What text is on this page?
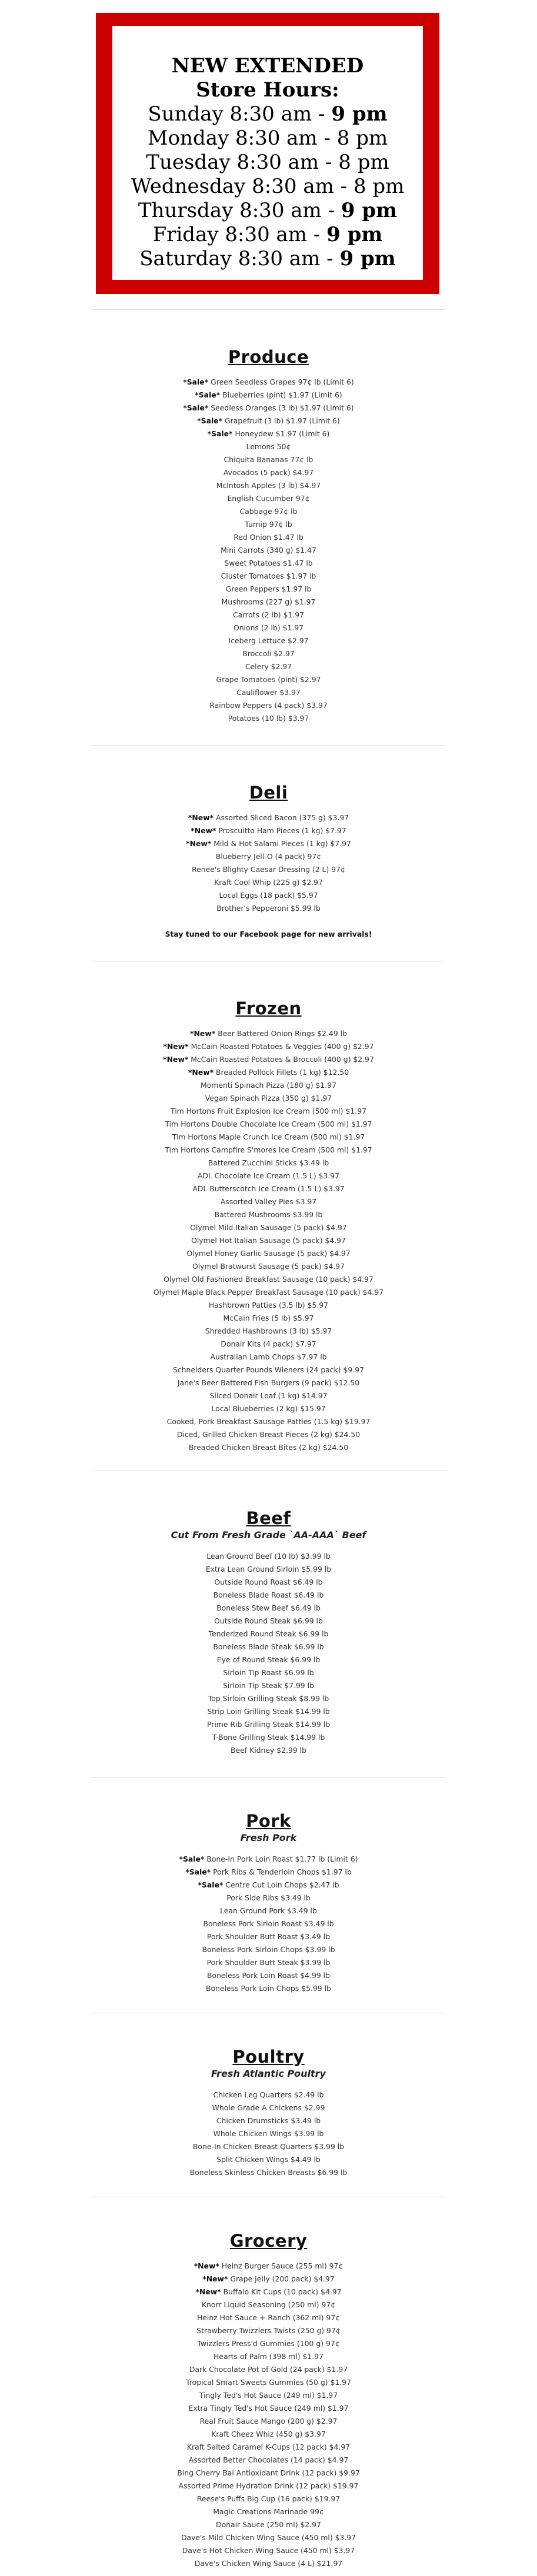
NEW EXTENDED
Store Hours:
Sunday 8:30 am - 9 pm
Monday 8:30 am - 8 pm
Tuesday 8:30 am - 8 pm
Wednesday 8:30 am - 8 pm
Thursday 8:30 am - 9 pm
Friday 8:30 am - 9 pm
Saturday 8:30 am - 9 pm
Produce
*Sale* Green Seedless Grapes 97¢ lb (Limit 6)
*Sale* Blueberries (pint) $1.97 (Limit 6)
*Sale* Seedless Oranges (3 lb) $1.97 (Limit 6)
*Sale* Grapefruit (3 lb) $1.97 (Limit 6)
*Sale* Honeydew $1.97 (Limit 6)
Lemons 50¢
Chiquita Bananas 77¢ lb
Avocados (5 pack) $4.97
McIntosh Apples (3 lb) $4.97
English Cucumber 97¢
Cabbage 97¢ lb
Turnip 97¢ lb
Red Onion $1.47 lb
Mini Carrots (340 g) $1.47
Sweet Potatoes $1.47 lb
Cluster Tomatoes $1.97 lb
Green Peppers $1.97 lb
Mushrooms (227 g) $1.97
Carrots (2 lb) $1.97
Onions (2 lb) $1.97
Iceberg Lettuce $2.97
Broccoli $2.97
Celery $2.97
Grape Tomatoes (pint) $2.97
Cauliflower $3.97
Rainbow Peppers (4 pack) $3.97
Potatoes (10 lb) $3.97
Deli
*New* Assorted Sliced Bacon (375 g) $3.97
*New* Proscuitto Ham Pieces (1 kg) $7.97
*New* Mild & Hot Salami Pieces (1 kg) $7.97
Blueberry Jell-O (4 pack) 97¢
Renee's Blighty Caesar Dressing (2 L) 97¢
Kraft Cool Whip (225 g) $2.97
Local Eggs (18 pack) $5.97
Brother's Pepperoni $5.99 lb
Stay tuned to our Facebook page for new arrivals!
Frozen
*New* Beer Battered Onion Rings $2.49 lb
*New* McCain Roasted Potatoes & Veggies (400 g) $2.97
*New* McCain Roasted Potatoes & Broccoli (400 g) $2.97
*New* Breaded Pollock Fillets (1 kg) $12.50
Momenti Spinach Pizza (180 g) $1.97
Vegan Spinach Pizza (350 g) $1.97
Tim Hortons Fruit Explosion Ice Cream (500 ml) $1.97
Tim Hortons Double Chocolate Ice Cream (500 ml) $1.97
Tim Hortons Maple Crunch Ice Cream (500 ml) $1.97
Tim Hortons Campfire S'mores Ice Cream (500 ml) $1.97
Battered Zucchini Sticks $3.49 lb
ADL Chocolate Ice Cream (1.5 L) $3.97
ADL Butterscotch Ice Cream (1.5 L) $3.97
Assorted Valley Pies $3.97
Battered Mushrooms $3.99 lb
Olymel Mild Italian Sausage (5 pack) $4.97
Olymel Hot Italian Sausage (5 pack) $4.97
Olymel Honey Garlic Sausage (5 pack) $4.97
Olymel Bratwurst Sausage (5 pack) $4.97
Olymel Old Fashioned Breakfast Sausage (10 pack) $4.97
Olymel Maple Black Pepper Breakfast Sausage (10 pack) $4.97
Hashbrown Patties (3.5 lb) $5.97
McCain Fries (5 lb) $5.97
Shredded Hashbrowns (3 lb) $5.97
Donair Kits (4 pack) $7.97
Australian Lamb Chops $7.97 lb
Schneiders Quarter Pounds Wieners (24 pack) $9.97
Jane's Beer Battered Fish Burgers (9 pack) $12.50
Sliced Donair Loaf (1 kg) $14.97
Local Blueberries (2 kg) $15.97
Cooked, Pork Breakfast Sausage Patties (1.5 kg) $19.97
Diced, Grilled Chicken Breast Pieces (2 kg) $24.50
Breaded Chicken Breast Bites (2 kg) $24.50
Beef
Cut From Fresh Grade `AA-AAA` Beef
Lean Ground Beef (10 lb) $3.99 lb
Extra Lean Ground Sirloin $5.99 lb
Outside Round Roast $6.49 lb
Boneless Blade Roast $6.49 lb
Boneless Stew Beef $6.49 lb
Outside Round Steak $6.99 lb
Tenderized Round Steak $6.99 lb
Boneless Blade Steak $6.99 lb
Eye of Round Steak $6.99 lb
Sirloin Tip Roast $6.99 lb
Sirloin Tip Steak $7.99 lb
Top Sirloin Grilling Steak $8.99 lb
Strip Loin Grilling Steak $14.99 lb
Prime Rib Grilling Steak $14.99 lb
T-Bone Grilling Steak $14.99 lb
Beef Kidney $2.99 lb
Pork
Fresh Pork
*Sale* Bone-In Pork Loin Roast $1.77 lb (Limit 6)
*Sale* Pork Ribs & Tenderloin Chops $1.97 lb
*Sale* Centre Cut Loin Chops $2.47 lb
Pork Side Ribs $3.49 lb
Lean Ground Pork $3.49 lb
Boneless Pork Sirloin Roast $3.49 lb
Pork Shoulder Butt Roast $3.49 lb
Boneless Pork Sirloin Chops $3.99 lb
Pork Shoulder Butt Steak $3.99 lb
Boneless Pork Loin Roast $4.99 lb
Boneless Pork Loin Chops $5.99 lb
Poultry
Fresh Atlantic Poultry
Chicken Leg Quarters $2.49 lb
Whole Grade A Chickens $2.99
Chicken Drumsticks $3.49 lb
Whole Chicken Wings $3.99 lb
Bone-In Chicken Breast Quarters $3.99 lb
Split Chicken Wings $4.49 lb
Boneless Skinless Chicken Breasts $6.99 lb
Grocery
*New* Heinz Burger Sauce (255 ml) 97¢
*New* Grape Jelly (200 pack) $4.97
*New* Buffalo Kit Cups (10 pack) $4.97
Knorr Liquid Seasoning (250 ml) 97¢
Heinz Hot Sauce + Ranch (362 ml) 97¢
Strawberry Twizzlers Twists (250 g) 97¢
Twizzlers Press'd Gummies (100 g) 97¢
Hearts of Palm (398 ml) $1.97
Dark Chocolate Pot of Gold (24 pack) $1.97
Tropical Smart Sweets Gummies (50 g) $1.97
Tingly Ted's Hot Sauce (249 ml) $1.97
Extra Tingly Ted's Hot Sauce (249 ml) $1.97
Real Fruit Sauce Mango (200 g) $2.97
Kraft Cheez Whiz (450 g) $3.97
Kraft Salted Caramel K-Cups (12 pack) $4.97
Assorted Better Chocolates (14 pack) $4.97
Bing Cherry Bai Antioxidant Drink (12 pack) $9.97
Assorted Prime Hydration Drink (12 pack) $19.97
Reese's Puffs Big Cup (16 pack) $19.97
Magic Creations Marinade 99¢
Donair Sauce (250 ml) $2.97
Dave's Mild Chicken Wing Sauce (450 ml) $3.97
Dave's Hot Chicken Wing Sauce (450 ml) $3.97
Dave's Chicken Wing Sauce (4 L) $21.97
